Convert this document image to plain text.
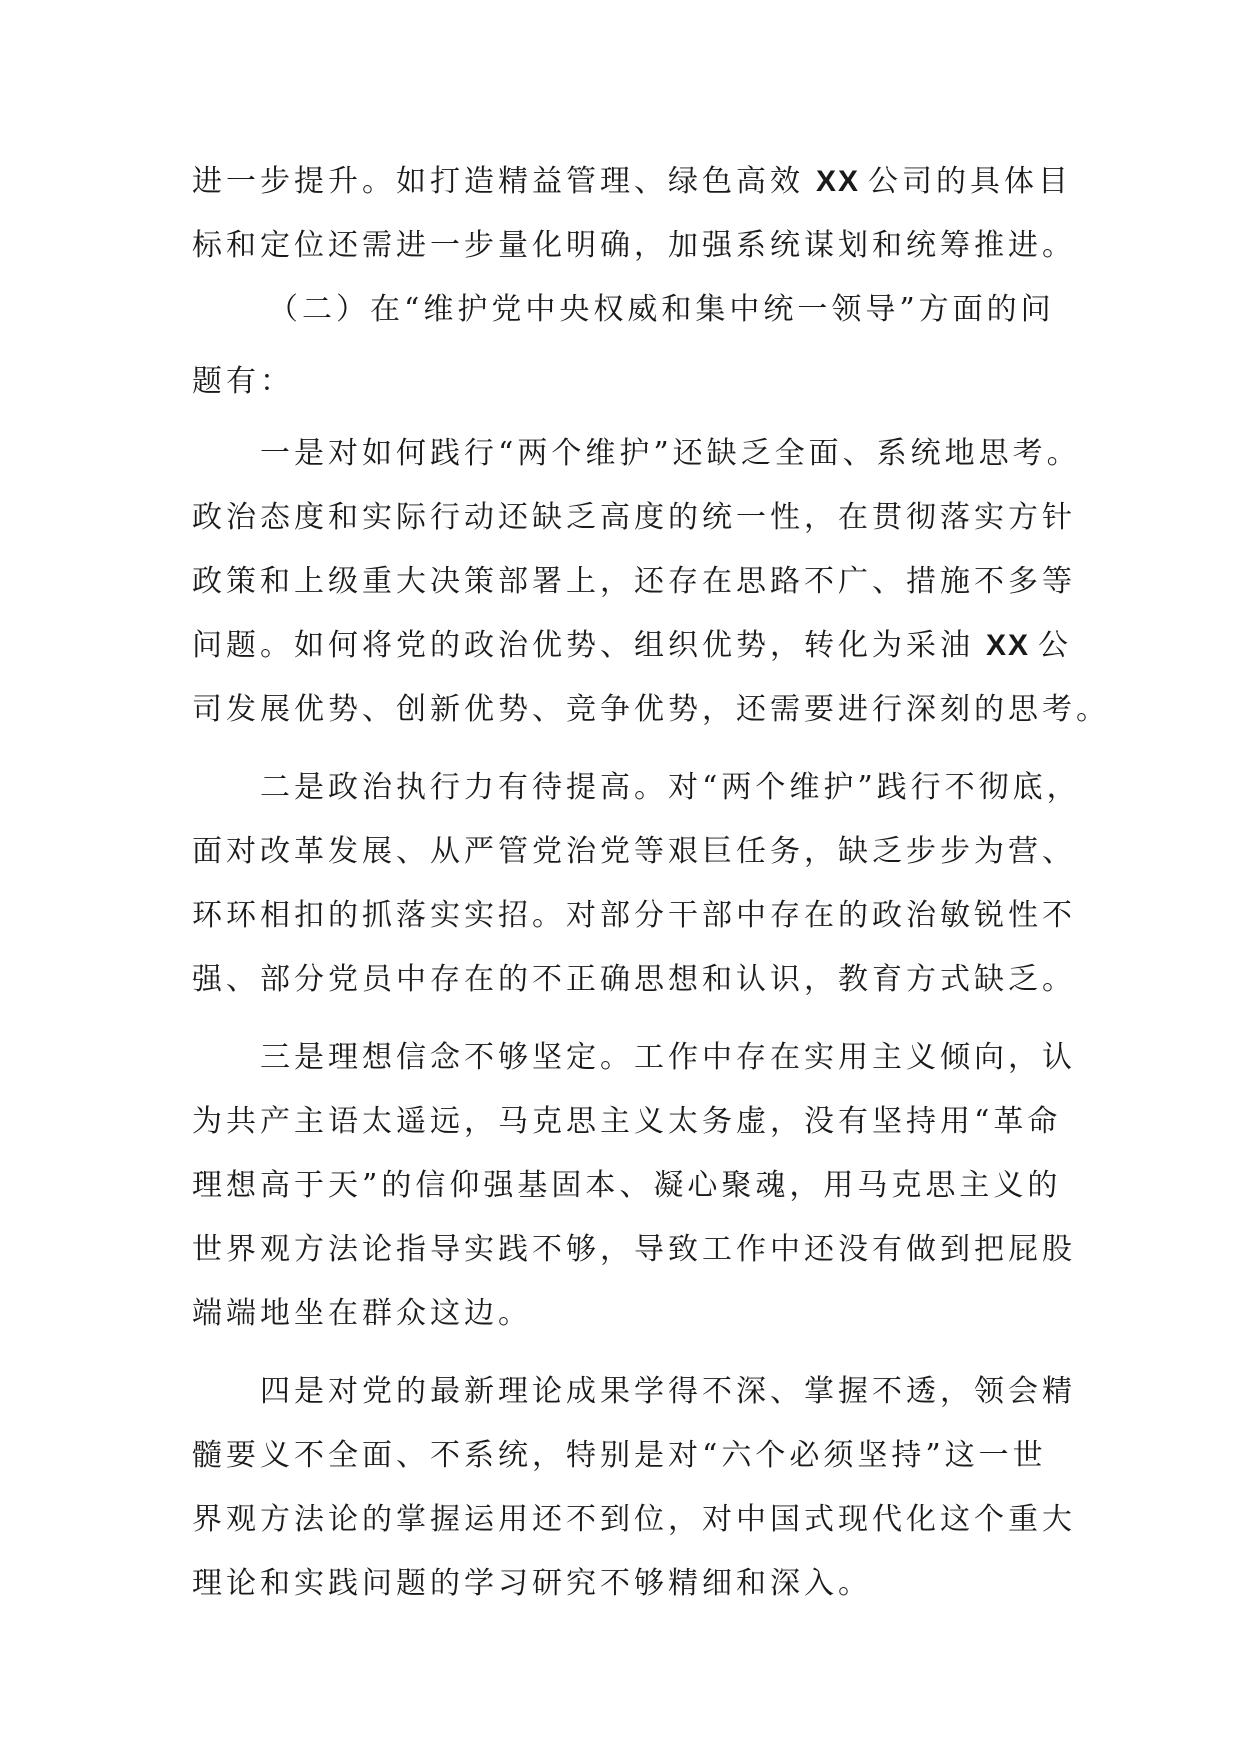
进一步提升。如打造精益管理、绿色高效 XX 公司的具体目
标和定位还需进一步量化明确，加强系统谋划和统筹推进。
（二）在“维护党中央权威和集中统一领导”方面的问
题有：
一是对如何践行“两个维护”还缺乏全面、系统地思考。
政治态度和实际行动还缺乏高度的统一性，在贯彻落实方针
政策和上级重大决策部署上，还存在思路不广、措施不多等
问题。如何将党的政治优势、组织优势，转化为采油 XX 公
司发展优势、创新优势、竞争优势，还需要进行深刻的思考。
二是政治执行力有待提高。对“两个维护”践行不彻底，
面对改革发展、从严管党治党等艰巨任务，缺乏步步为营、
环环相扣的抓落实实招。对部分干部中存在的政治敏锐性不
强、部分党员中存在的不正确思想和认识，教育方式缺乏。
三是理想信念不够坚定。工作中存在实用主义倾向，认
为共产主语太遥远，马克思主义太务虚，没有坚持用“革命
理想高于天”的信仰强基固本、凝心聚魂，用马克思主义的
世界观方法论指导实践不够，导致工作中还没有做到把屁股
端端地坐在群众这边。
四是对党的最新理论成果学得不深、掌握不透，领会精
髓要义不全面、不系统，特别是对“六个必须坚持”这一世
界观方法论的掌握运用还不到位，对中国式现代化这个重大
理论和实践问题的学习研究不够精细和深入。
